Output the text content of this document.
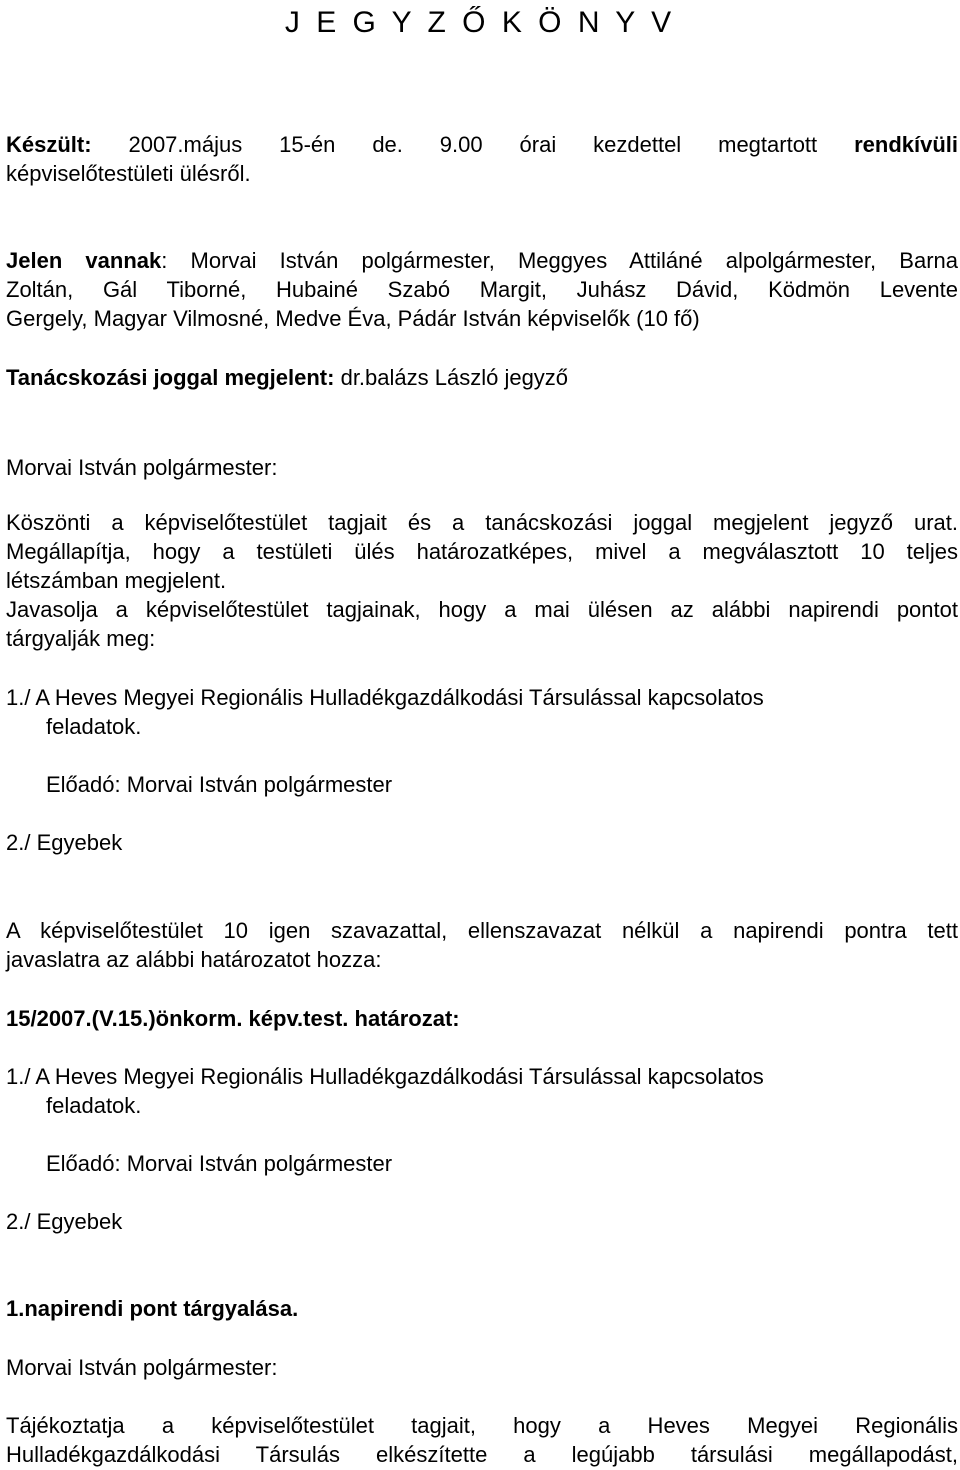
J E G Y Z Ő K Ö N Y V

Készült: 2007.május 15-én de. 9.00 órai kezdettel megtartott rendkívüli

képviselőtestületi ülésről.

Jelen vannak: Morvai István polgármester, Meggyes Attiláné alpolgármester, Barna

Zoltán, Gál Tiborné, Hubainé Szabó Margit, Juhász Dávid, Ködmön Levente

Gergely, Magyar Vilmosné, Medve Éva, Pádár István képviselők (10 fő)

Tanácskozási joggal megjelent: dr.balázs László jegyző

Morvai István polgármester:

Köszönti a képviselőtestület tagjait és a tanácskozási joggal megjelent jegyző urat.

Megállapítja, hogy a testületi ülés határozatképes, mivel a megválasztott 10 teljes

létszámban megjelent.

Javasolja a képviselőtestület tagjainak, hogy a mai ülésen az alábbi napirendi pontot

tárgyalják meg:

1./ A Heves Megyei Regionális Hulladékgazdálkodási Társulással kapcsolatos

feladatok.

Előadó: Morvai István polgármester

2./ Egyebek

A képviselőtestület 10 igen szavazattal, ellenszavazat nélkül a napirendi pontra tett

javaslatra az alábbi határozatot hozza:

15/2007.(V.15.)önkorm. képv.test. határozat:

1./ A Heves Megyei Regionális Hulladékgazdálkodási Társulással kapcsolatos

feladatok.

Előadó: Morvai István polgármester

2./ Egyebek

1.napirendi pont tárgyalása.

Morvai István polgármester:

Tájékoztatja a képviselőtestület tagjait, hogy a Heves Megyei Regionális

Hulladékgazdálkodási Társulás elkészítette a legújabb társulási megállapodást,
